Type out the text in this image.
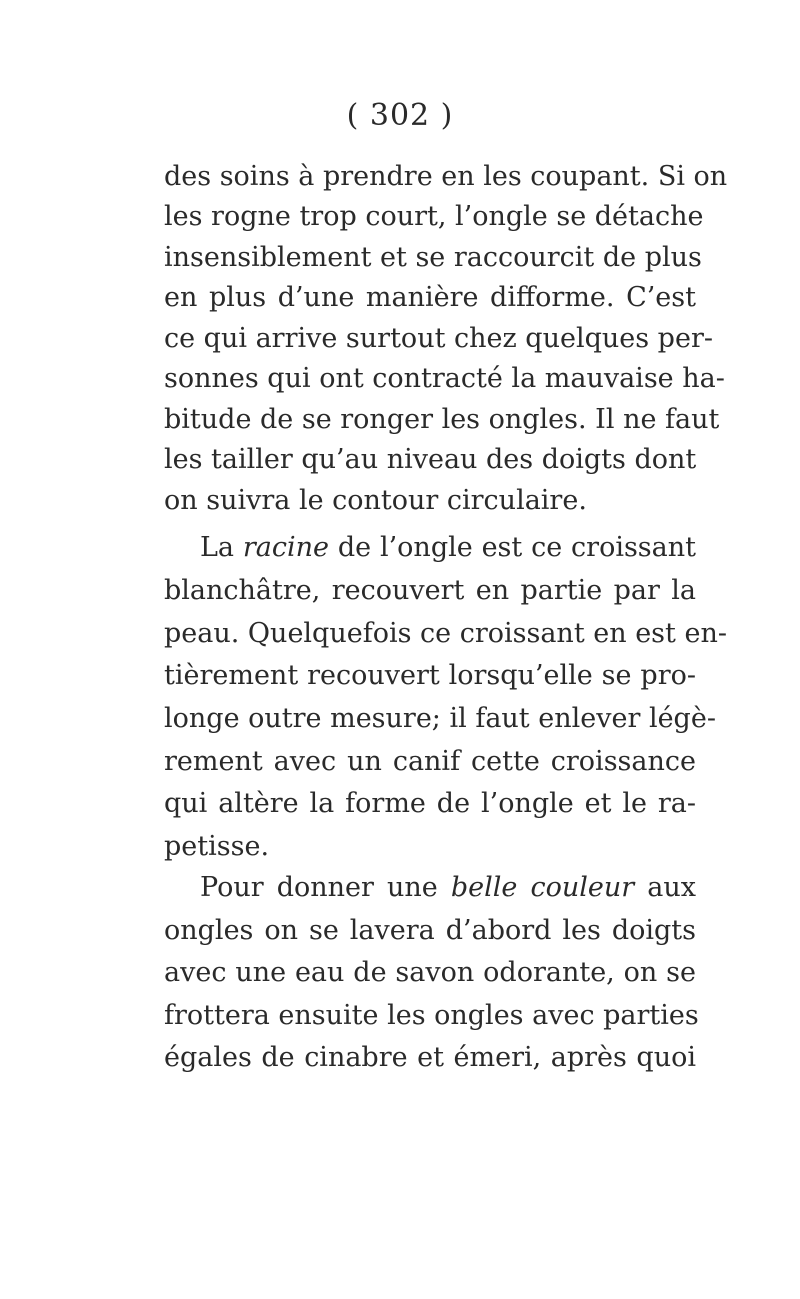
( 302 )
des soins à prendre en les coupant. Si on
les rogne trop court, l’ongle se détache
insensiblement et se raccourcit de plus
en plus d’une manière difforme. C’est
ce qui arrive surtout chez quelques per-
sonnes qui ont contracté la mauvaise ha-
bitude de se ronger les ongles. Il ne faut
les tailler qu’au niveau des doigts dont
on suivra le contour circulaire.
La racine de l’ongle est ce croissant
blanchâtre, recouvert en partie par la
peau. Quelquefois ce croissant en est en-
tièrement recouvert lorsqu’elle se pro-
longe outre mesure; il faut enlever légè-
rement avec un canif cette croissance
qui altère la forme de l’ongle et le ra-
petisse.
Pour donner une belle couleur aux
ongles on se lavera d’abord les doigts
avec une eau de savon odorante, on se
frottera ensuite les ongles avec parties
égales de cinabre et émeri, après quoi
